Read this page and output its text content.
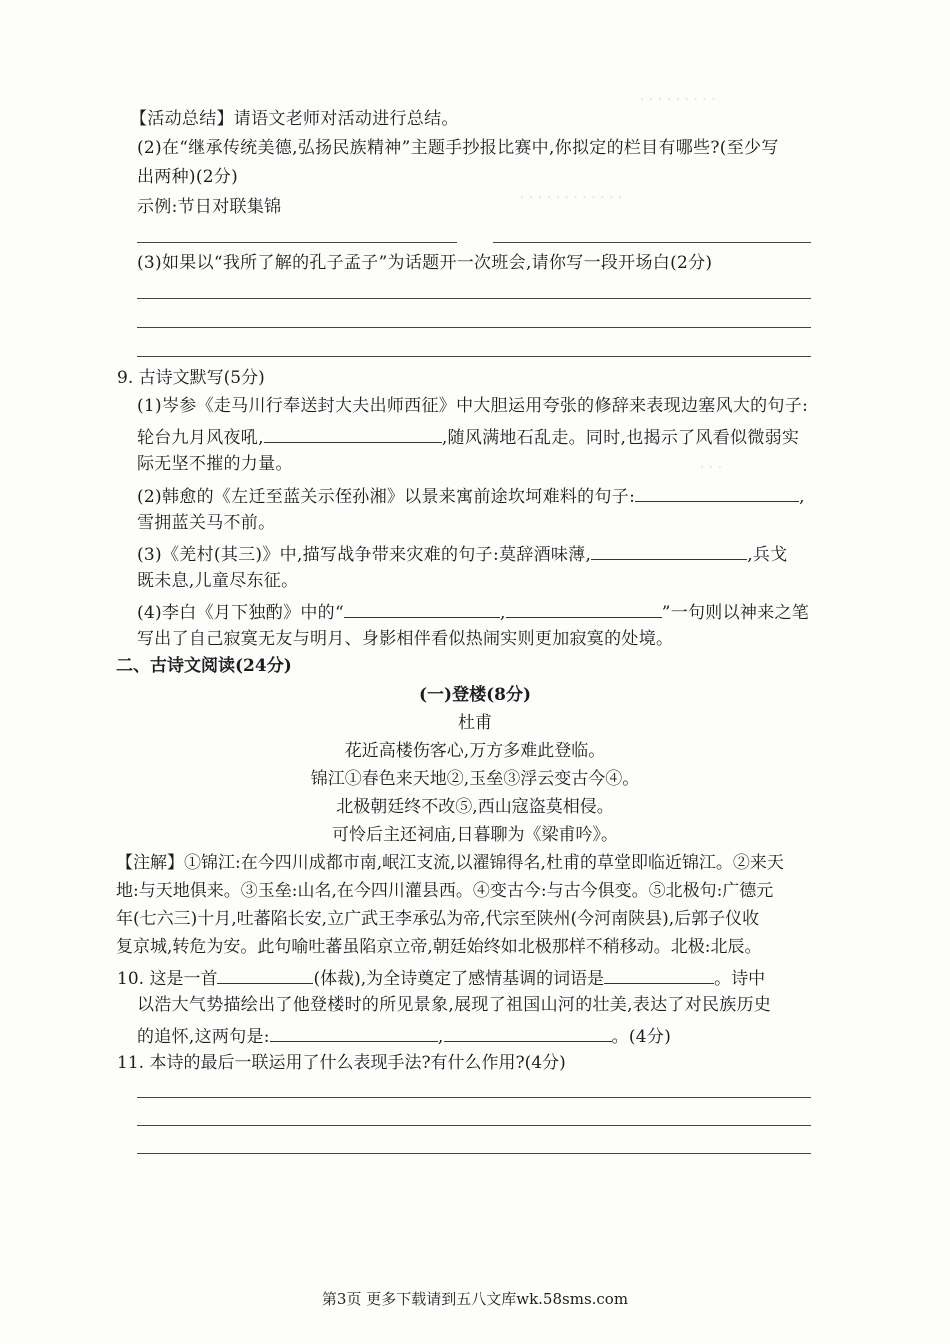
· · · · · · · · ·
· · · · · · · · · · · ·
· · ·
【活动总结】请语文老师对活动进行总结。
(2)在“继承传统美德,弘扬民族精神”主题手抄报比赛中,你拟定的栏目有哪些?(至少写
出两种)(2分)
示例:节日对联集锦
(3)如果以“我所了解的孔子孟子”为话题开一次班会,请你写一段开场白(2分)
9. 古诗文默写(5分)
(1)岑参《走马川行奉送封大夫出师西征》中大胆运用夸张的修辞来表现边塞风大的句子:
轮台九月风夜吼,	,随风满地石乱走。同时,也揭示了风看似微弱实
际无坚不摧的力量。
(2)韩愈的《左迁至蓝关示侄孙湘》以景来寓前途坎坷难料的句子:	,
雪拥蓝关马不前。
(3)《羌村(其三)》中,描写战争带来灾难的句子:莫辞酒味薄,	,兵戈
既未息,儿童尽东征。
(4)李白《月下独酌》中的“	,	”一句则以神来之笔
写出了自己寂寞无友与明月、身影相伴看似热闹实则更加寂寞的处境。
二、古诗文阅读(24分)
(一)登楼(8分)
杜甫
花近高楼伤客心,万方多难此登临。
锦江①春色来天地②,玉垒③浮云变古今④。
北极朝廷终不改⑤,西山寇盗莫相侵。
可怜后主还祠庙,日暮聊为《梁甫吟》。
【注解】①锦江:在今四川成都市南,岷江支流,以濯锦得名,杜甫的草堂即临近锦江。②来天
地:与天地俱来。③玉垒:山名,在今四川灌县西。④变古今:与古今俱变。⑤北极句:广德元
年(七六三)十月,吐蕃陷长安,立广武王李承弘为帝,代宗至陕州(今河南陕县),后郭子仪收
复京城,转危为安。此句喻吐蕃虽陷京立帝,朝廷始终如北极那样不稍移动。北极:北辰。
10. 这是一首	(体裁),为全诗奠定了感情基调的词语是	。诗中
以浩大气势描绘出了他登楼时的所见景象,展现了祖国山河的壮美,表达了对民族历史
的追怀,这两句是:	,	。(4分)
11. 本诗的最后一联运用了什么表现手法?有什么作用?(4分)
第3页 更多下载请到五八文库wk.58sms.com
